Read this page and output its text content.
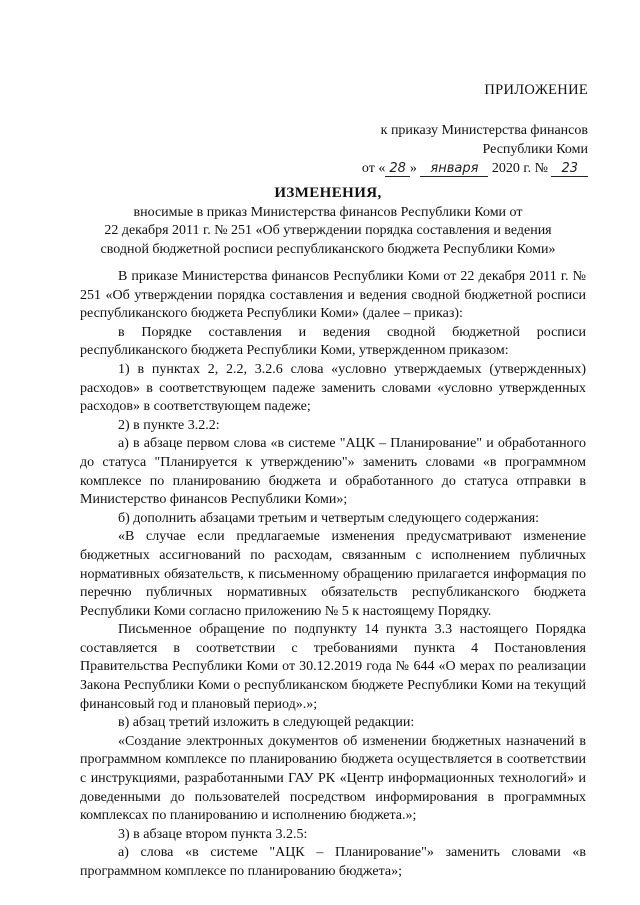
ПРИЛОЖЕНИЕ
к приказу Министерства финансов
Республики Коми
от « 28 » января 2020 г. № 23
ИЗМЕНЕНИЯ,
вносимые в приказ Министерства финансов Республики Коми от
22 декабря 2011 г. № 251 «Об утверждении порядка составления и ведения
сводной бюджетной росписи республиканского бюджета Республики Коми»

В приказе Министерства финансов Республики Коми от 22 декабря 2011 г. № 251 «Об утверждении порядка составления и ведения сводной бюджетной росписи республиканского бюджета Республики Коми» (далее – приказ):

в Порядке составления и ведения сводной бюджетной росписи республиканского бюджета Республики Коми, утвержденном приказом:

1) в пунктах 2, 2.2, 3.2.6 слова «условно утверждаемых (утвержденных) расходов» в соответствующем падеже заменить словами «условно утвержденных расходов» в соответствующем падеже;

2) в пункте 3.2.2:

а) в абзаце первом слова «в системе "АЦК – Планирование" и обработанного до статуса "Планируется к утверждению"» заменить словами «в программном комплексе по планированию бюджета и обработанного до статуса отправки в Министерство финансов Республики Коми»;

б) дополнить абзацами третьим и четвертым следующего содержания:

«В случае если предлагаемые изменения предусматривают изменение бюджетных ассигнований по расходам, связанным с исполнением публичных нормативных обязательств, к письменному обращению прилагается информация по перечню публичных нормативных обязательств республиканского бюджета Республики Коми согласно приложению № 5 к настоящему Порядку.

Письменное обращение по подпункту 14 пункта 3.3 настоящего Порядка составляется в соответствии с требованиями пункта 4 Постановления Правительства Республики Коми от 30.12.2019 года № 644 «О мерах по реализации Закона Республики Коми о республиканском бюджете Республики Коми на текущий финансовый год и плановый период».»;

в) абзац третий изложить в следующей редакции:

«Создание электронных документов об изменении бюджетных назначений в программном комплексе по планированию бюджета осуществляется в соответствии с инструкциями, разработанными ГАУ РК «Центр информационных технологий» и доведенными до пользователей посредством информирования в программных комплексах по планированию и исполнению бюджета.»;

3) в абзаце втором пункта 3.2.5:

а) слова «в системе "АЦК – Планирование"» заменить словами «в программном комплексе по планированию бюджета»;
